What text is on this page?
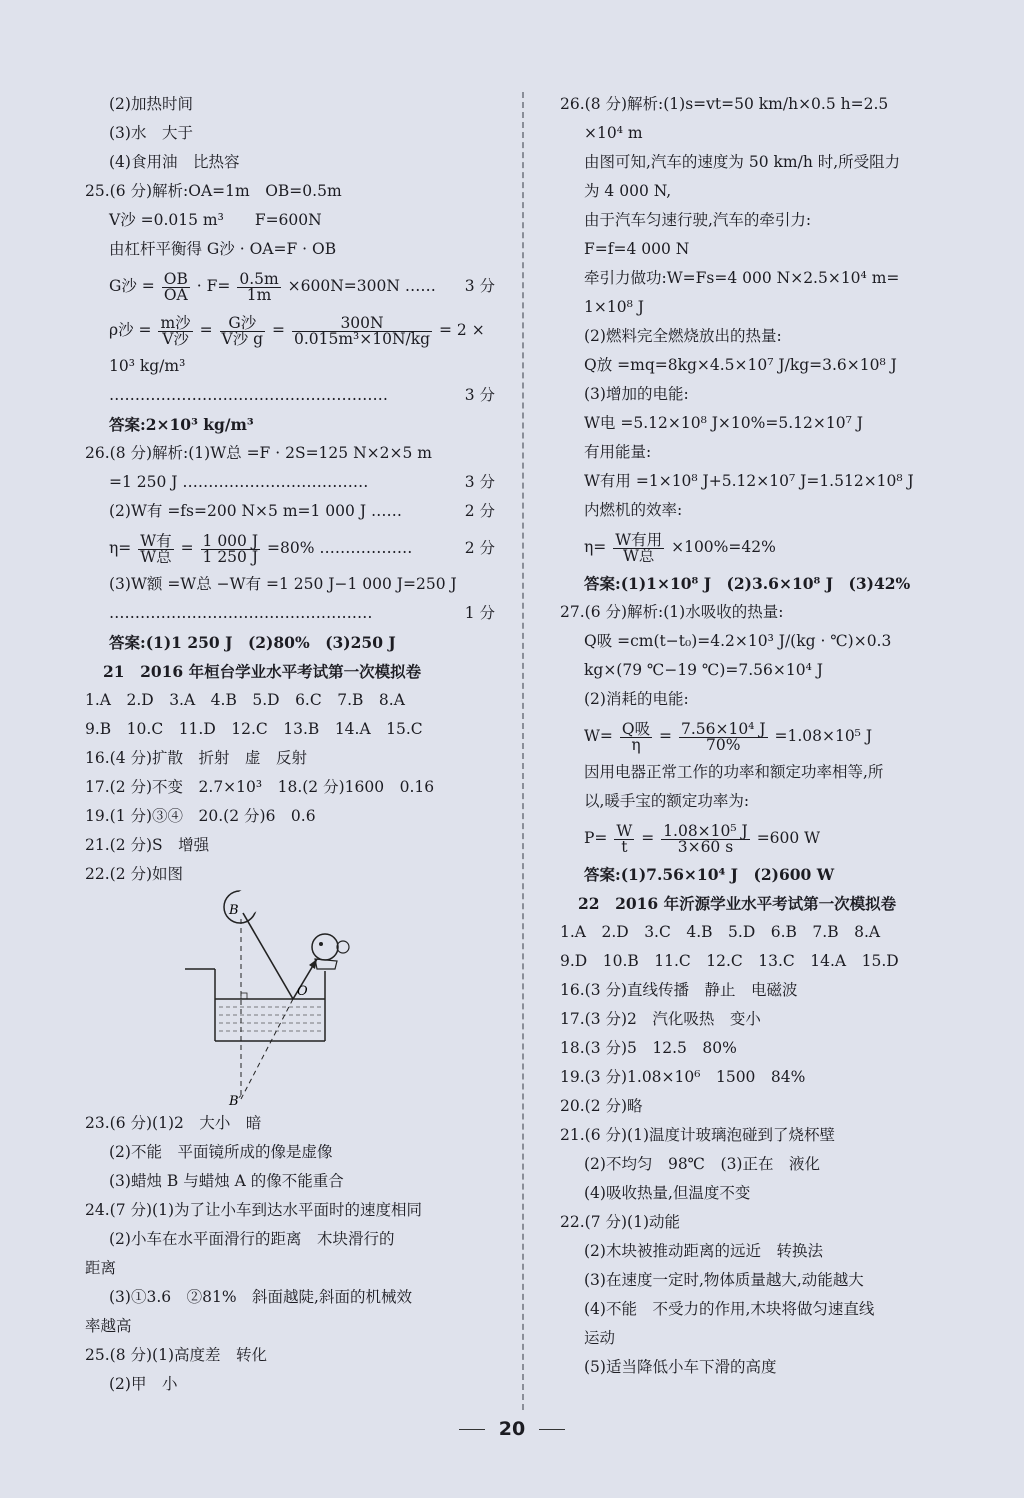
(2)加热时间
(3)水　大于
(4)食用油　比热容
25.(6 分)解析:OA=1m　OB=0.5m
V沙 =0.015 m³　　F=600N
由杠杆平衡得 G沙 · OA=F · OB
G沙 = $\frac{OB}{OA} \cdot F= \frac{0.5m}{1m} \times 600N=300N$ …… 3 分
ρ沙 = $\frac{\text{m沙}}{\text{V沙}} = \frac{\text{G沙}}{\text{V沙 g}} = \frac{300N}{\text{0.015m³×10N/kg}} = 2$ ×
10³ kg/m³
………………………………………………	3 分
答案:2×10³ kg/m³
26.(8 分)解析:(1)W总 =F · 2S=125 N×2×5 m
=1 250 J ………………………………	3 分
(2)W有 =fs=200 N×5 m=1 000 J ……	2 分
$\eta= \frac{\text{W有}}{\text{W总}} = \frac{1 000 J}{1 250 J} =80\%$ ………………	2 分
(3)W额 =W总 −W有 =1 250 J−1 000 J=250 J
……………………………………………	1 分
答案:(1)1 250 J　(2)80%　(3)250 J
21　2016 年桓台学业水平考试第一次模拟卷
1.A　2.D　3.A　4.B　5.D　6.C　7.B　8.A
9.B　10.C　11.D　12.C　13.B　14.A　15.C
16.(4 分)扩散　折射　虚　反射
17.(2 分)不变　2.7×10³　18.(2 分)1600　0.16
19.(1 分)③④　20.(2 分)6　0.6
21.(2 分)S　增强
22.(2 分)如图
B
O
B′
23.(6 分)(1)2　大小　暗
(2)不能　平面镜所成的像是虚像
(3)蜡烛 B 与蜡烛 A 的像不能重合
24.(7 分)(1)为了让小车到达水平面时的速度相同
(2)小车在水平面滑行的距离　木块滑行的
距离
(3)①3.6　②81%　斜面越陡,斜面的机械效
率越高
25.(8 分)(1)高度差　转化
(2)甲　小
26.(8 分)解析:(1)s=vt=50 km/h×0.5 h=2.5
×10⁴ m
由图可知,汽车的速度为 50 km/h 时,所受阻力
为 4 000 N,
由于汽车匀速行驶,汽车的牵引力:
F=f=4 000 N
牵引力做功:W=Fs=4 000 N×2.5×10⁴ m=
1×10⁸ J
(2)燃料完全燃烧放出的热量:
Q放 =mq=8kg×4.5×10⁷ J/kg=3.6×10⁸ J
(3)增加的电能:
W电 =5.12×10⁸ J×10%=5.12×10⁷ J
有用能量:
W有用 =1×10⁸ J+5.12×10⁷ J=1.512×10⁸ J
内燃机的效率:
$\eta= \frac{\text{W有用}}{\text{W总}} \times 100\%=42\%$
答案:(1)1×10⁸ J　(2)3.6×10⁸ J　(3)42%
27.(6 分)解析:(1)水吸收的热量:
Q吸 =cm(t−t₀)=4.2×10³ J/(kg · ℃)×0.3
kg×(79 ℃−19 ℃)=7.56×10⁴ J
(2)消耗的电能:
$W= \frac{\text{Q吸}}{\eta} = \frac{\text{7.56×10⁴ J}}{70\%} =1.08\times 10^5$ J
因用电器正常工作的功率和额定功率相等,所
以,暖手宝的额定功率为:
$P= \frac{W}{t} = \frac{\text{1.08×10⁵ J}}{3\times 60 s} =600$ W
答案:(1)7.56×10⁴ J　(2)600 W
22　2016 年沂源学业水平考试第一次模拟卷
1.A　2.D　3.C　4.B　5.D　6.B　7.B　8.A
9.D　10.B　11.C　12.C　13.C　14.A　15.D
16.(3 分)直线传播　静止　电磁波
17.(3 分)2　汽化吸热　变小
18.(3 分)5　12.5　80%
19.(3 分)1.08×10⁶　1500　84%
20.(2 分)略
21.(6 分)(1)温度计玻璃泡碰到了烧杯壁
(2)不均匀　98℃　(3)正在　液化
(4)吸收热量,但温度不变
22.(7 分)(1)动能
(2)木块被推动距离的远近　转换法
(3)在速度一定时,物体质量越大,动能越大
(4)不能　不受力的作用,木块将做匀速直线
运动
(5)适当降低小车下滑的高度
20
